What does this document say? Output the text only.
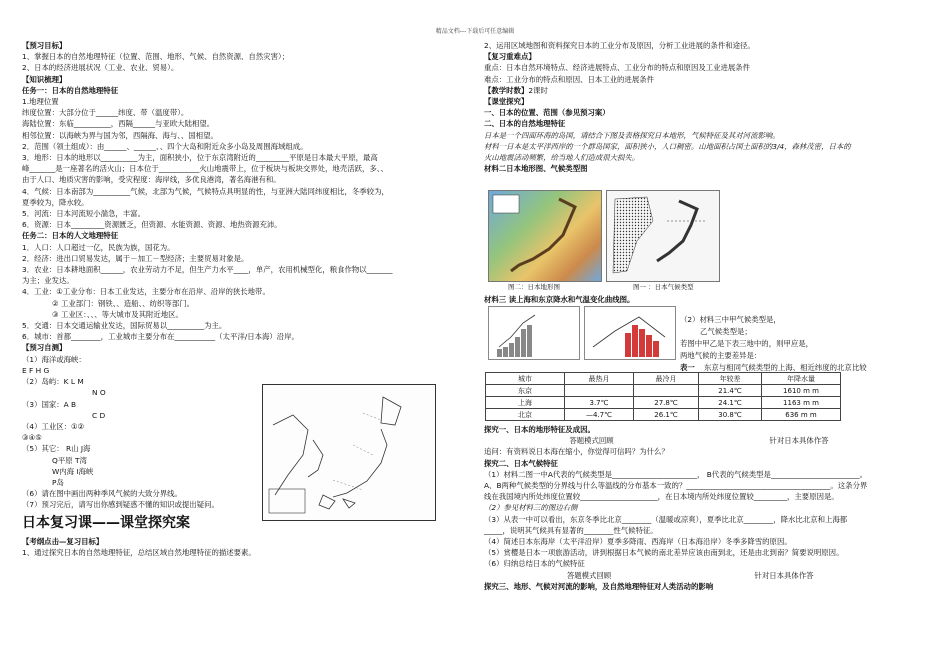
精品文档---下载后可任意编辑
【预习目标】
1、掌握日本的自然地理特征（位置、范围、地形、气候、自然资源、自然灾害）；
2、日本的经济进展状况（工业、农业、贸易）。
【知识梳理】
任务一：日本的自然地理特征
1.地理位置
纬度位置：大部分位于______纬度、带（温度带）。
海陆位置：东临__________，西隔______与亚欧大陆相望。
相邻位置：以海峡为界与国为邻，西隔海、海与、、国相望。
2．范围（领土组成）：由______、______、、四个大岛和附近众多小岛及周围海域组成。
3．地形：日本的地形以__________为主，面积狭小，位于东京湾附近的_________平原是日本最大平原，最高
峰_______是一座著名的活火山；日本位于___________火山地震带上，位于板块与板块交界处，地壳活跃，多、、
由于人口、地质灾害的影响，受灾程度：海岸线，多优良港湾，著名海港有和。
4．气候：日本南部为__________气候，北部为气候，气候特点具明显的性，与亚洲大陆同纬度相比，冬季较为，
夏季较为，降水较。
5．河流：日本河流短小湍急，丰富。
6．资源：日本_________资源匮乏，但资源、水能资源、资源、地热资源充沛。
任务二：日本的人文地理特征
1．人口：人口超过一亿，民族为族，国花为。
2．经济：进出口贸易发达，属于－加工－型经济；主要贸易对象是。
3．农业：日本耕地面积______，农业劳动力不足，但生产力水平____，单产，农用机械型化，粮食作物以_______
为主；业发达。
4．工业：①工业分布：日本工业发达，主要分布在沿岸、沿岸的狭长地带。
② 工业部门：钢铁、、造船、、纺织等部门。
③ 工业区：、、、等大城市及其附近地区。
5．交通：日本交通运输业发达，国际贸易以__________为主。
6．城市：首都________，工业城市主要分布在___________（太平洋/日本海）沿岸。
【预习自测】
（1）海洋或海峡：
E F H G
（2）岛屿：K L M
N O
（3）国家：A B
C D
（4）工业区：①②
③④⑤
（5）其它： R山 J海
Q平原 T湾
W内海 I海峡
P岛
（6）请在图中画出两种季风气候的大致分界线。
（7）预习完后，请写出你感到疑惑不懂的知识或提出疑问。
日本复习课——课堂探究案
【考纲点击—复习目标】
1、通过探究日本的自然地理特征，总结区域自然地理特征的描述要素。
2、运用区域地图和资料探究日本的工业分布及原因，分析工业进展的条件和途径。
【复习重难点】
重点：日本自然环境特点、经济进展特点、工业分布的特点和原因及工业进展条件
难点：工业分布的特点和原因、日本工业的进展条件
【教学时数】2课时
【课堂探究】
一、日本的位置、范围（参见预习案）
二、日本的自然地理特征
日本是一个四面环海的岛国，请结合下图及表格探究日本地形，气候特征及其对河流影响。
材料一日本是太平洋西岸的一个群岛国家，面积狭小，人口稠密。山地面积占国土面积的3/4，森林茂密，日本的
火山地震活动频繁，给当地人们造成很大损失。
材料二日本地形图、气候类型图
图二：日本地形图	图一 ：日本气候类型
材料三 读上海和东京降水和气温变化曲线图。
（2）材料三中甲气候类型是，
乙气候类型是；
若图中甲乙是下表三地中的，则甲应是，
两地气候的主要差异是：
表一 东京与相同气候类型的上海、相近纬度的北京比较
城市	最热月	最冷月	年较差	年降水量
东京			21.4℃	1610 m m
上海	3.7℃	27.8℃	24.1℃	1163 m m
北京	—4.7℃	26.1℃	30.8℃	636 m m
探究一、日本的地形特征及成因。
答题模式回顾	针对日本具体作答
追问：有资料说日本海在缩小，你觉得可信吗？为什么？
探究二、日本气候特征
（1）材料二图一中A代表的气候类型是_______________________， B代表的气候类型是________________________。
A、B两种气候类型的分界线与什么等温线的分布基本一致的？_______________________________________。这条分界
线在我国境内所处纬度位置较_____________________，在日本境内所处纬度位置较_________，主要原因是。
（2）参见材料三的图边右侧
（3）从表一中可以看出，东京冬季比北京________（温暖或凉爽），夏季比北京________，降水比北京和上海都
_____，说明其气候具有显著的________性气候特征。
（4）简述日本东海岸（太平洋沿岸）夏季多降雨、西海岸（日本海沿岸）冬季多降雪的原因。
（5）赏樱是日本一项旅游活动，讲到根据日本气候的南北差异应该由南到北，还是由北到南？简要说明原因。
（6）归纳总结日本的气候特征
答题模式回顾	针对日本具体作答
探究三、地形、气候对河流的影响，及自然地理特征对人类活动的影响
